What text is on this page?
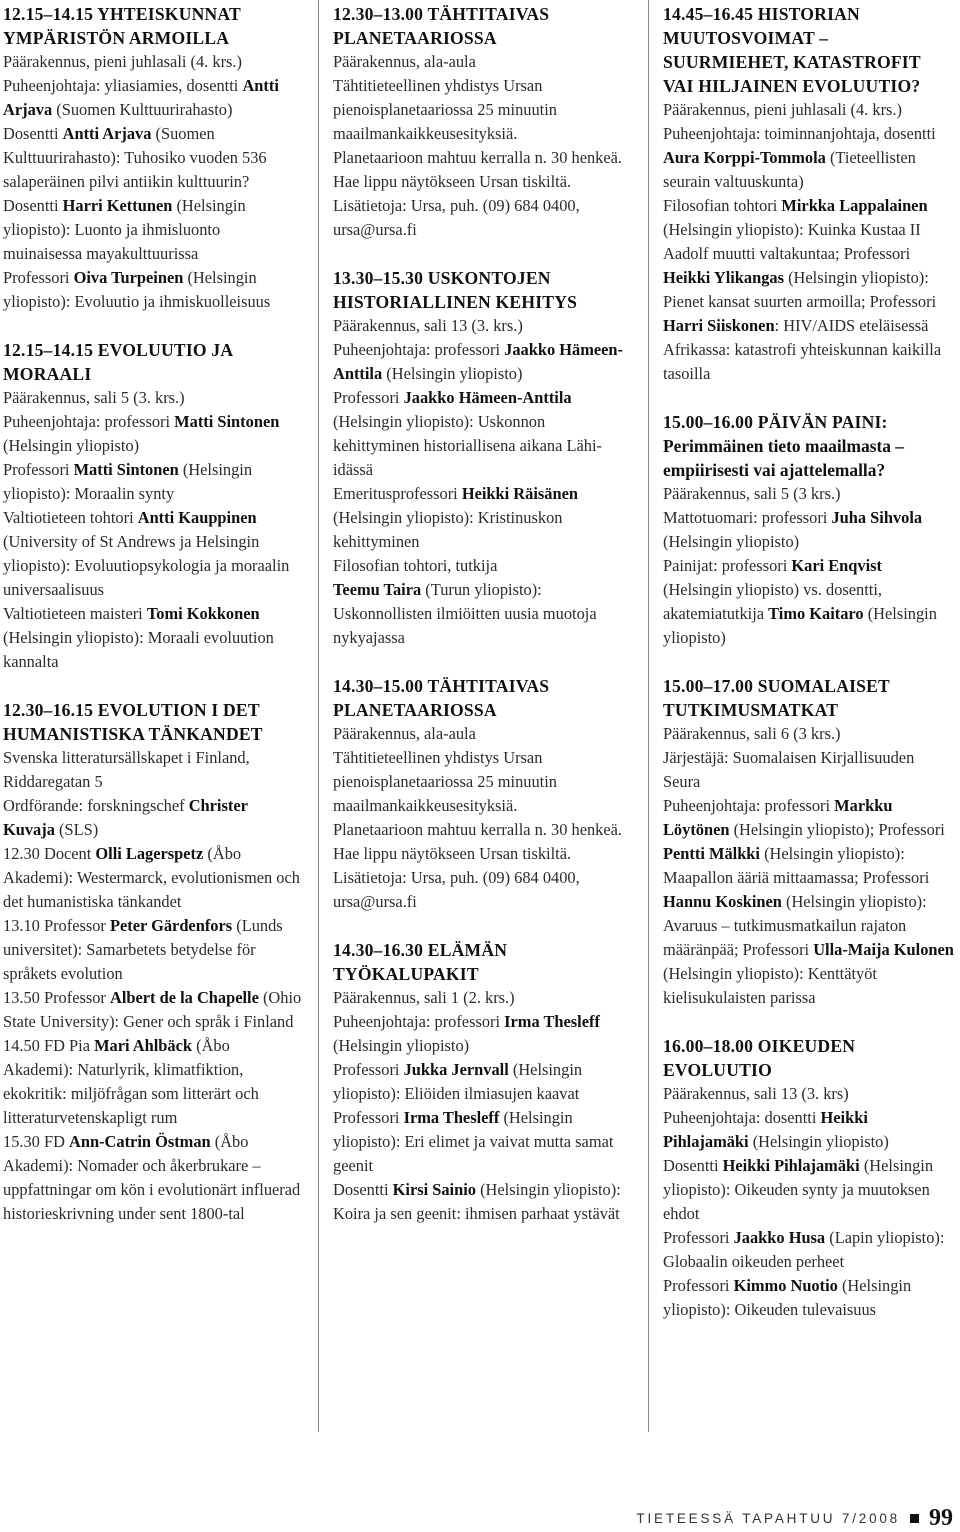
12.15–14.15 YHTEISKUNNAT YMPÄRISTÖN ARMOILLA
Päärakennus, pieni juhlasali (4. krs.)
Puheenjohtaja: yliasiamies, dosentti Antti Arjava (Suomen Kulttuurirahasto)
Dosentti Antti Arjava (Suomen Kulttuurirahasto): Tuhosiko vuoden 536 salaperäinen pilvi antiikin kulttuurin?
Dosentti Harri Kettunen (Helsingin yliopisto): Luonto ja ihmisluonto muinaisessa mayakulttuurissa
Professori Oiva Turpeinen (Helsingin yliopisto): Evoluutio ja ihmiskuolleisuus
12.15–14.15 EVOLUUTIO JA MORAALI
Päärakennus, sali 5 (3. krs.)
Puheenjohtaja: professori Matti Sintonen (Helsingin yliopisto)
Professori Matti Sintonen (Helsingin yliopisto): Moraalin synty
Valtiotieteen tohtori Antti Kauppinen (University of St Andrews ja Helsingin yliopisto): Evoluutiopsykologia ja moraalin universaalisuus
Valtiotieteen maisteri Tomi Kokkonen (Helsingin yliopisto): Moraali evoluution kannalta
12.30–16.15 EVOLUTION I DET HUMANISTISKA TÄNKANDET
Svenska litteratursällskapet i Finland, Riddaregatan 5
Ordförande: forskningschef Christer Kuvaja (SLS)
12.30 Docent Olli Lagerspetz (Åbo Akademi): Westermarck, evolutionismen och det humanistiska tänkandet
13.10 Professor Peter Gärdenfors (Lunds universitet): Samarbetets betydelse för språkets evolution
13.50 Professor Albert de la Chapelle (Ohio State University): Gener och språk i Finland
14.50 FD Pia Mari Ahlbäck (Åbo Akademi): Naturlyrik, klimatfiktion, ekokritik: miljöfrågan som litterärt och litteraturvetenskapligt rum
15.30 FD Ann-Catrin Östman (Åbo Akademi): Nomader och åkerbrukare – uppfattningar om kön i evolutionärt influerad historieskrivning under sent 1800-tal
12.30–13.00 TÄHTITAIVAS PLANETAARIOSSA
Päärakennus, ala-aula
Tähtitieteellinen yhdistys Ursan pienoisplanetaariossa 25 minuutin maailmankaikkeusesityksiä.
Planetaarioon mahtuu kerralla n. 30 henkeä. Hae lippu näytökseen Ursan tiskiltä.
Lisätietoja: Ursa, puh. (09) 684 0400, ursa@ursa.fi
13.30–15.30 USKONTOJEN HISTORIALLINEN KEHITYS
Päärakennus, sali 13 (3. krs.)
Puheenjohtaja: professori Jaakko Hämeen-Anttila (Helsingin yliopisto)
Professori Jaakko Hämeen-Anttila (Helsingin yliopisto): Uskonnon kehittyminen historiallisena aikana Lähi-idässä
Emeritusprofessori Heikki Räisänen (Helsingin yliopisto): Kristinuskon kehittyminen
Filosofian tohtori, tutkija
Teemu Taira (Turun yliopisto): Uskonnollisten ilmiöitten uusia muotoja nykyajassa
14.30–15.00 TÄHTITAIVAS PLANETAARIOSSA
Päärakennus, ala-aula
Tähtitieteellinen yhdistys Ursan pienoisplanetaariossa 25 minuutin maailmankaikkeusesityksiä.
Planetaarioon mahtuu kerralla n. 30 henkeä. Hae lippu näytökseen Ursan tiskiltä. Lisätietoja: Ursa, puh. (09) 684 0400, ursa@ursa.fi
14.30–16.30 ELÄMÄN TYÖKALUPAKIT
Päärakennus, sali 1 (2. krs.)
Puheenjohtaja: professori Irma Thesleff (Helsingin yliopisto)
Professori Jukka Jernvall (Helsingin yliopisto): Eliöiden ilmiasujen kaavat
Professori Irma Thesleff (Helsingin yliopisto): Eri elimet ja vaivat mutta samat geenit
Dosentti Kirsi Sainio (Helsingin yliopisto): Koira ja sen geenit: ihmisen parhaat ystävät
14.45–16.45 HISTORIAN MUUTOSVOIMAT – SUURMIEHET, KATASTROFIT VAI HILJAINEN EVOLUUTIO?
Päärakennus, pieni juhlasali (4. krs.)
Puheenjohtaja: toiminnanjohtaja, dosentti Aura Korppi-Tommola (Tieteellisten seurain valtuuskunta)
Filosofian tohtori Mirkka Lappalainen (Helsingin yliopisto): Kuinka Kustaa II Aadolf muutti valtakuntaa; Professori Heikki Ylikangas (Helsingin yliopisto): Pienet kansat suurten armoilla; Professori Harri Siiskonen: HIV/AIDS eteläisessä Afrikassa: katastrofi yhteiskunnan kaikilla tasoilla
15.00–16.00 PÄIVÄN PAINI:
Perimmäinen tieto maailmasta – empiirisesti vai ajattelemalla?
Päärakennus, sali 5 (3 krs.)
Mattotuomari: professori Juha Sihvola (Helsingin yliopisto)
Painijat: professori Kari Enqvist (Helsingin yliopisto) vs. dosentti, akatemiatutkija Timo Kaitaro (Helsingin yliopisto)
15.00–17.00 SUOMALAISET TUTKIMUSMATKAT
Päärakennus, sali 6 (3 krs.)
Järjestäjä: Suomalaisen Kirjallisuuden Seura
Puheenjohtaja: professori Markku Löytönen (Helsingin yliopisto); Professori Pentti Mälkki (Helsingin yliopisto): Maapallon ääriä mittaamassa; Professori Hannu Koskinen (Helsingin yliopisto): Avaruus – tutkimusmatkailun rajaton määränpää; Professori Ulla-Maija Kulonen (Helsingin yliopisto): Kenttätyöt kielisukulaisten parissa
16.00–18.00 OIKEUDEN EVOLUUTIO
Päärakennus, sali 13 (3. krs)
Puheenjohtaja: dosentti Heikki Pihlajamäki (Helsingin yliopisto)
Dosentti Heikki Pihlajamäki (Helsingin yliopisto): Oikeuden synty ja muutoksen ehdot
Professori Jaakko Husa (Lapin yliopisto): Globaalin oikeuden perheet
Professori Kimmo Nuotio (Helsingin yliopisto): Oikeuden tulevaisuus
TIETEESSÄ TAPAHTUU 7/2008 99
